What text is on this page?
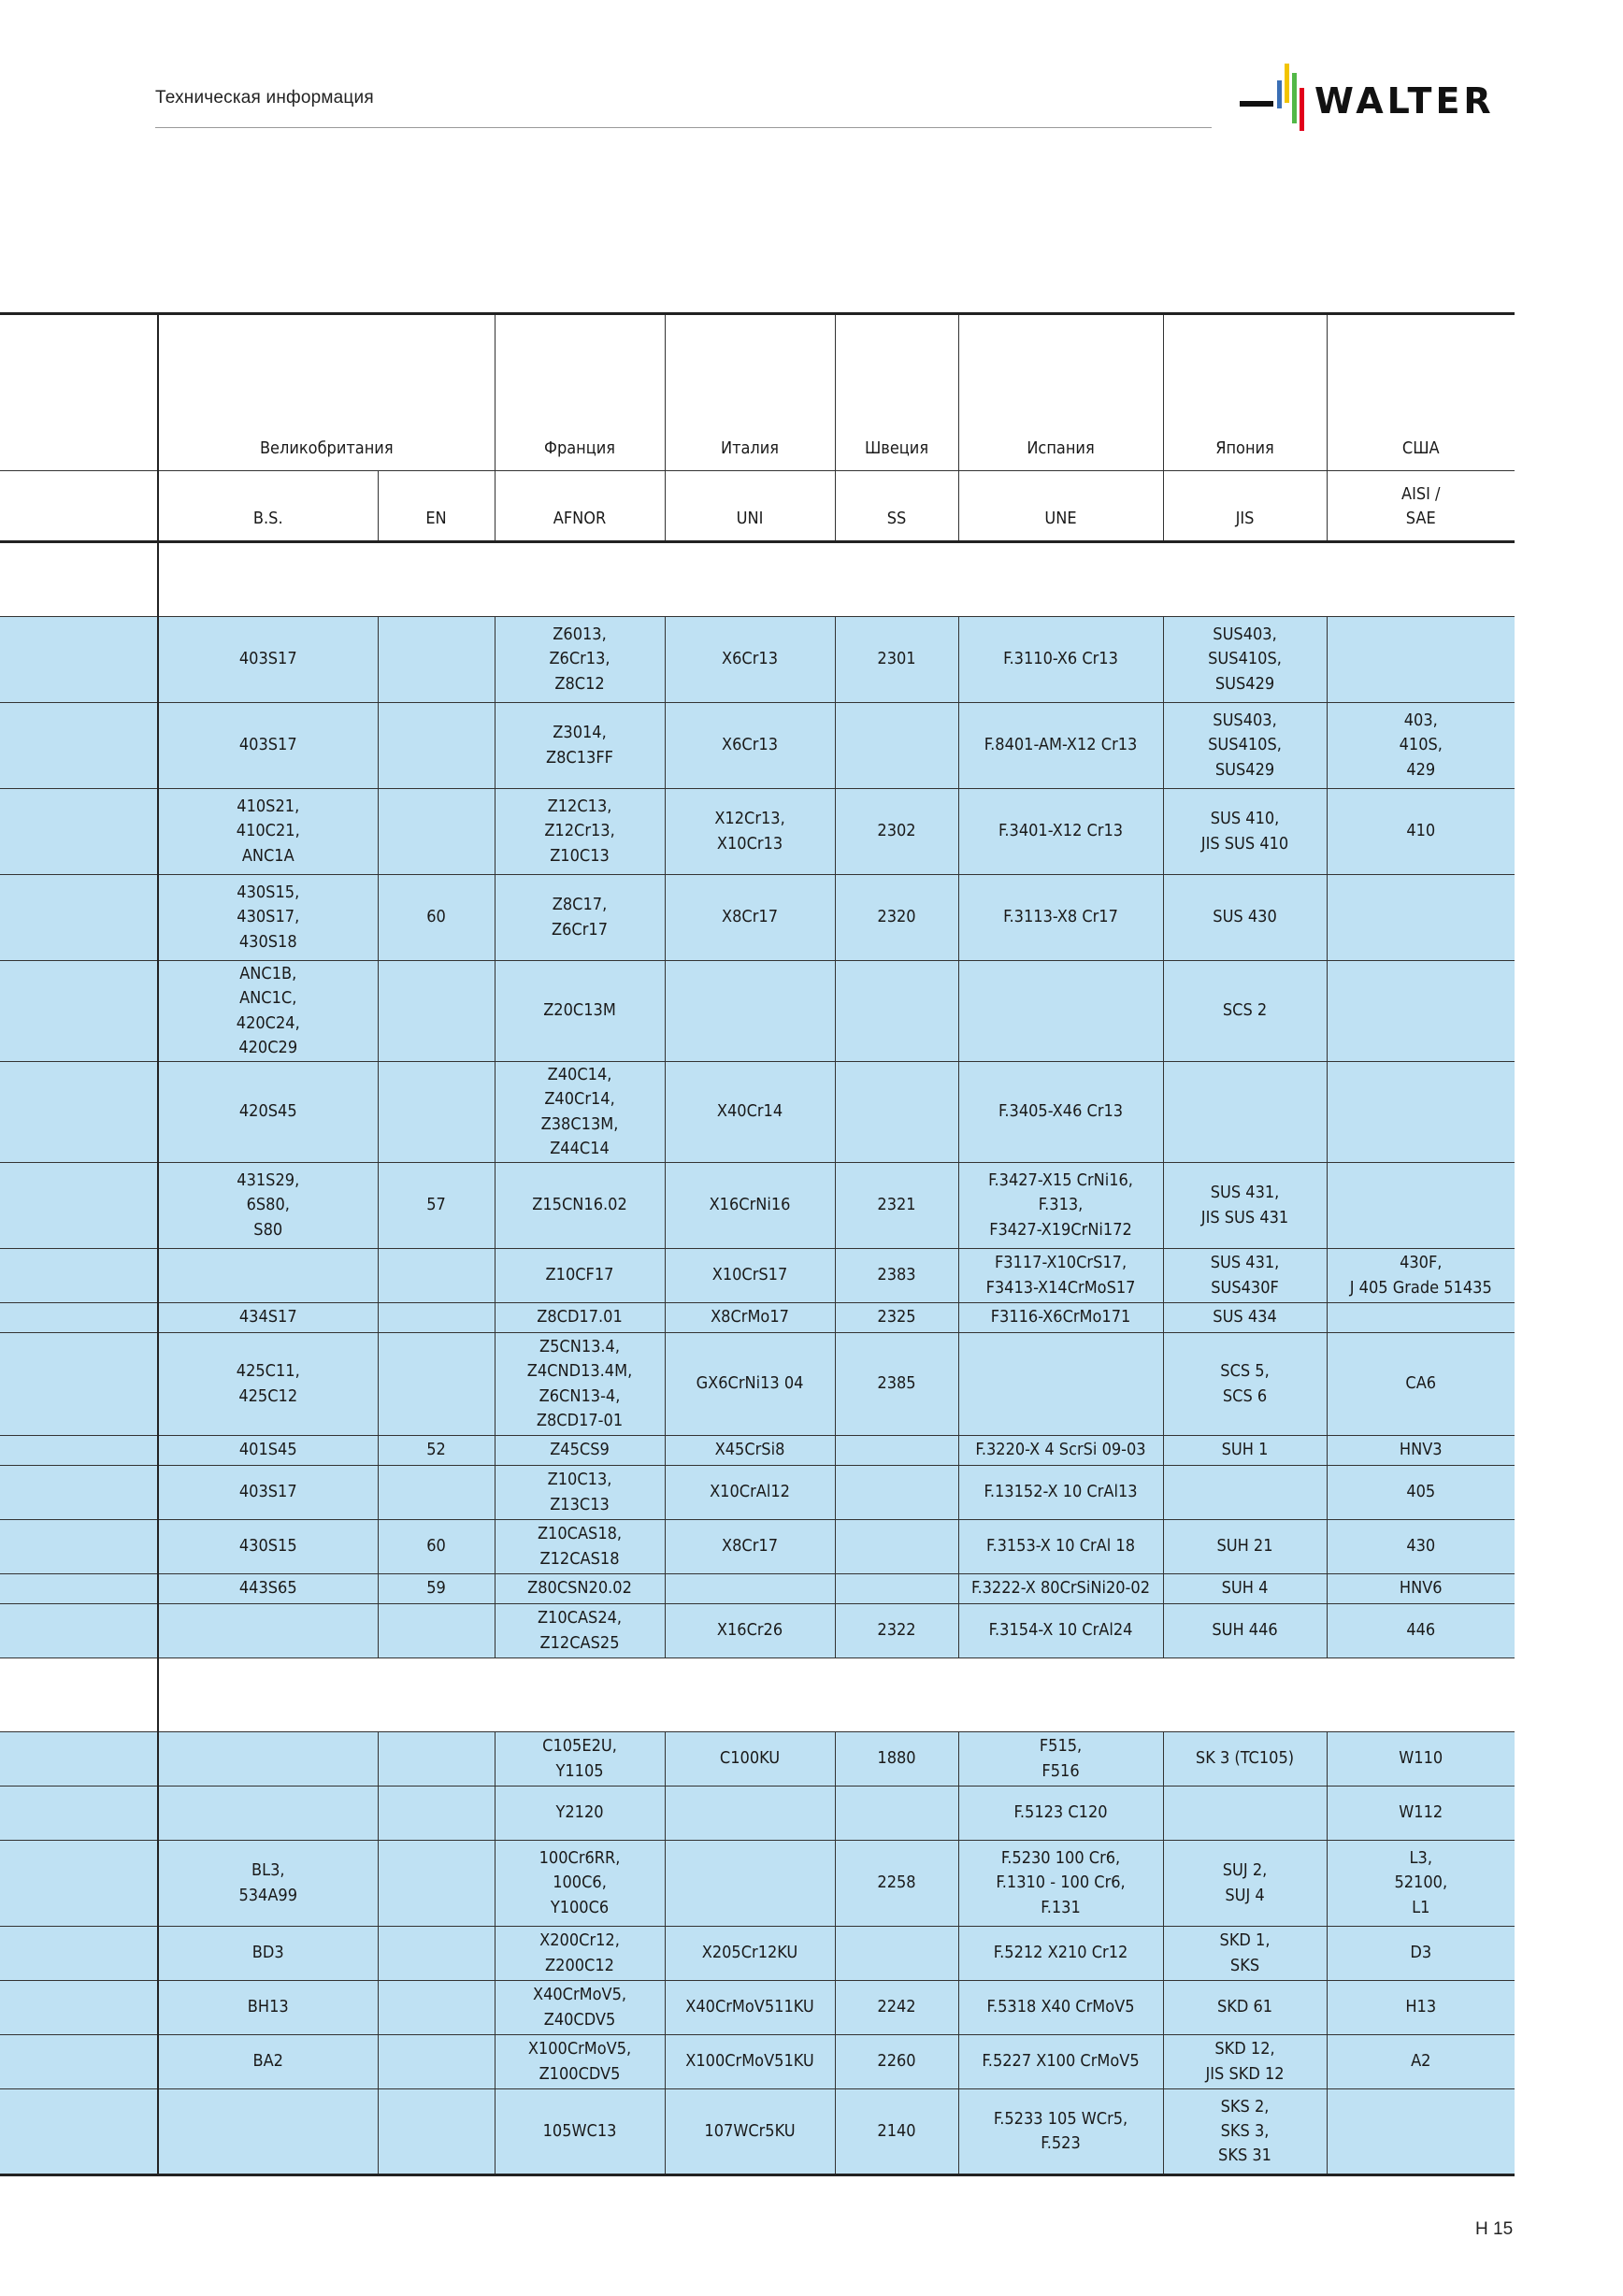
Техническая информация	WALTER
	Великобритания		Франция	Италия	Швеция	Испания	Япония	США
	B.S.	EN	AFNOR	UNI	SS	UNE	JIS	AISI /
SAE

	403S17		Z6013,
Z6Cr13,
Z8C12	X6Cr13	2301	F.3110-X6 Cr13	SUS403,
SUS410S,
SUS429	
	403S17		Z3014,
Z8C13FF	X6Cr13		F.8401-AM-X12 Cr13	SUS403,
SUS410S,
SUS429	403,
410S,
429
	410S21,
410C21,
ANC1A		Z12C13,
Z12Cr13,
Z10C13	X12Cr13,
X10Cr13	2302	F.3401-X12 Cr13	SUS 410,
JIS SUS 410	410
	430S15,
430S17,
430S18	60	Z8C17,
Z6Cr17	X8Cr17	2320	F.3113-X8 Cr17	SUS 430	
	ANC1B,
ANC1C,
420C24,
420C29		Z20C13M				SCS 2	
	420S45		Z40C14,
Z40Cr14,
Z38C13M,
Z44C14	X40Cr14		F.3405-X46 Cr13		
	431S29,
6S80,
S80	57	Z15CN16.02	X16CrNi16	2321	F.3427-X15 CrNi16,
F.313,
F3427-X19CrNi172	SUS 431,
JIS SUS 431	
			Z10CF17	X10CrS17	2383	F3117-X10CrS17,
F3413-X14CrMoS17	SUS 431,
SUS430F	430F,
J 405 Grade 51435
	434S17		Z8CD17.01	X8CrMo17	2325	F3116-X6CrMo171	SUS 434	
	425C11,
425C12		Z5CN13.4,
Z4CND13.4M,
Z6CN13-4,
Z8CD17-01	GX6CrNi13 04	2385		SCS 5,
SCS 6	CA6
	401S45	52	Z45CS9	X45CrSi8		F.3220-X 4 ScrSi 09-03	SUH 1	HNV3
	403S17		Z10C13,
Z13C13	X10CrAl12		F.13152-X 10 CrAl13		405
	430S15	60	Z10CAS18,
Z12CAS18	X8Cr17		F.3153-X 10 CrAl 18	SUH 21	430
	443S65	59	Z80CSN20.02			F.3222-X 80CrSiNi20-02	SUH 4	HNV6
			Z10CAS24,
Z12CAS25	X16Cr26	2322	F.3154-X 10 CrAl24	SUH 446	446

			C105E2U,
Y1105	C100KU	1880	F515,
F516	SK 3 (TC105)	W110
			Y2120			F.5123 C120		W112
	BL3,
534A99		100Cr6RR,
100C6,
Y100C6		2258	F.5230 100 Cr6,
F.1310 - 100 Cr6,
F.131	SUJ 2,
SUJ 4	L3,
52100,
L1
	BD3		X200Cr12,
Z200C12	X205Cr12KU		F.5212 X210 Cr12	SKD 1,
SKS	D3
	BH13		X40CrMoV5,
Z40CDV5	X40CrMoV511KU	2242	F.5318 X40 CrMoV5	SKD 61	H13
	BA2		X100CrMoV5,
Z100CDV5	X100CrMoV51KU	2260	F.5227 X100 CrMoV5	SKD 12,
JIS SKD 12	A2
			105WC13	107WCr5KU	2140	F.5233 105 WCr5,
F.523	SKS 2,
SKS 3,
SKS 31	
H 15
